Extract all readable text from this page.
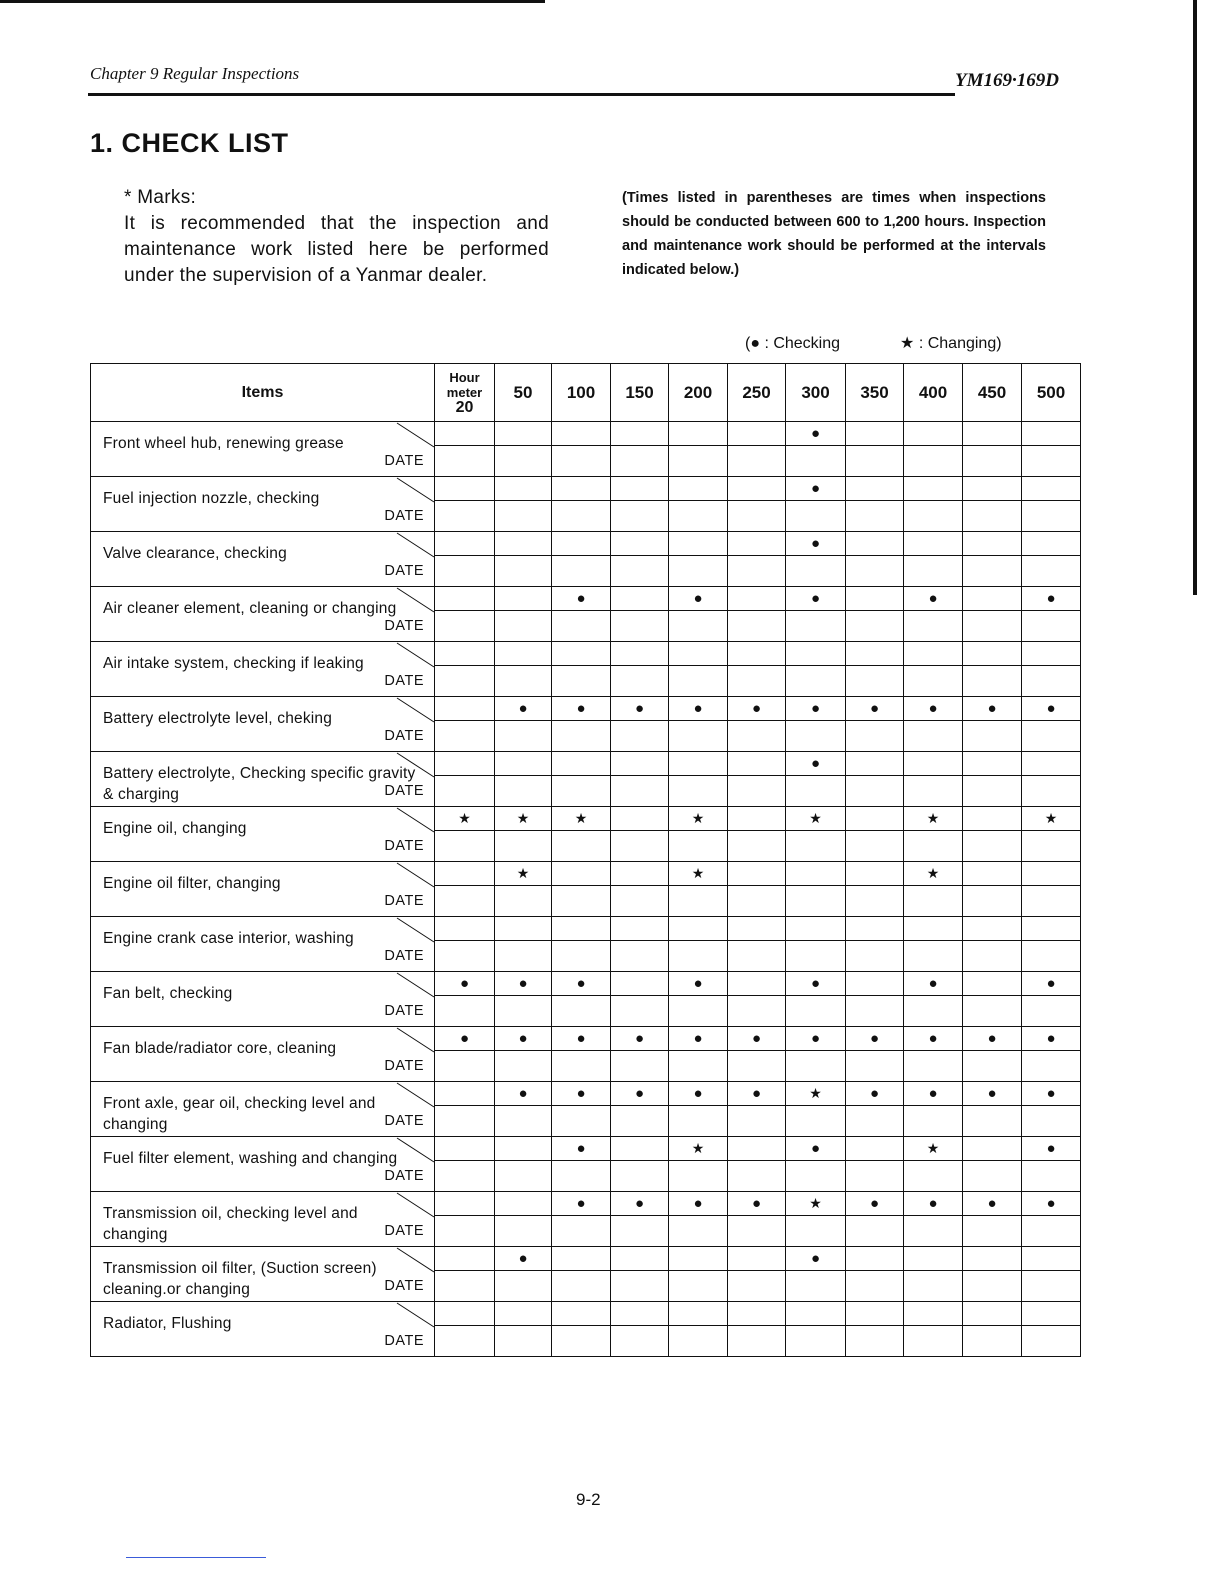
Chapter 9 Regular Inspections	YM169·169D
1. CHECK LIST
* Marks:
It is recommended that the inspection and maintenance work listed here be performed under the supervision of a Yanmar dealer.
(Times listed in parentheses are times when inspections should be conducted between 600 to 1,200 hours. Inspection and maintenance work should be performed at the intervals indicated below.)
(● : Checking	★ : Changing)
Items	Hour
meter
20	50	100	150	200	250	300	350	400	450	500

Front wheel hub, renewing grease
DATE							●				

Fuel injection nozzle, checking
DATE							●				

Valve clearance, checking
DATE							●				

Air cleaner element, cleaning or changing
DATE			●		●		●		●		●

Air intake system, checking if leaking
DATE											

Battery electrolyte level, cheking
DATE		●	●	●	●	●	●	●	●	●	●

Battery electrolyte, Checking specific gravity & charging DATE							●				

Engine oil, changing
DATE	★	★	★		★		★		★		★

Engine oil filter, changing
DATE		★			★				★		

Engine crank case interior, washing
DATE											

Fan belt, checking
DATE	●	●	●		●		●		●		●

Fan blade/radiator core, cleaning
DATE	●	●	●	●	●	●	●	●	●	●	●

Front axle, gear oil, checking level and changing DATE		●	●	●	●	●	★	●	●	●	●

Fuel filter element, washing and changing
DATE			●		★		●		★		●

Transmission oil, checking level and changing DATE			●	●	●	●	★	●	●	●	●

Transmission oil filter, (Suction screen) cleaning.or changing DATE		●					●				

Radiator, Flushing
DATE											

9-2
